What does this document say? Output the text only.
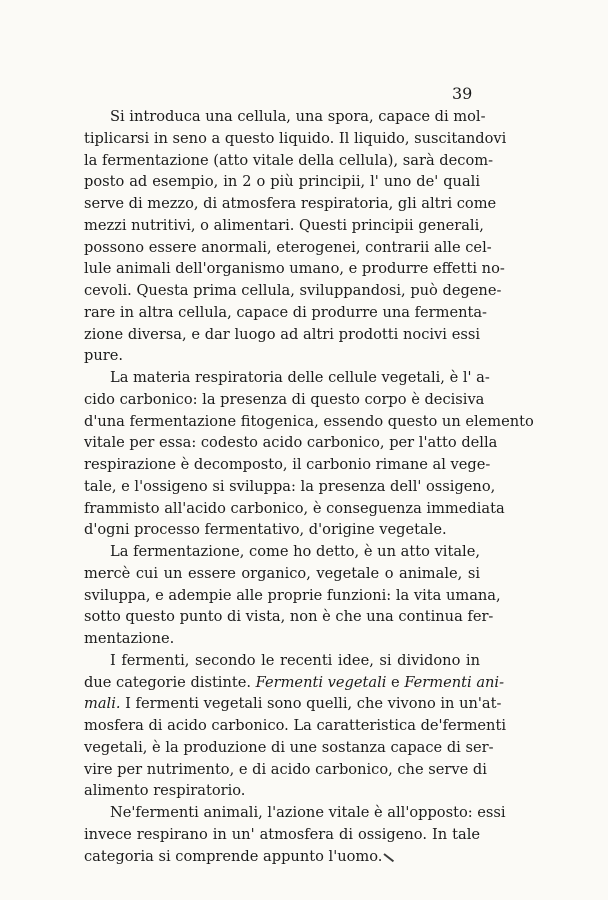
39
Si introduca una cellula, una spora, capace di mol-
tiplicarsi in seno a questo liquido. Il liquido, suscitandovi
la fermentazione (atto vitale della cellula), sarà decom-
posto ad esempio, in 2 o più principii, l' uno de' quali
serve di mezzo, di atmosfera respiratoria, gli altri come
mezzi nutritivi, o alimentari. Questi principii generali,
possono essere anormali, eterogenei, contrarii alle cel-
lule animali dell'organismo umano, e produrre effetti no-
cevoli. Questa prima cellula, sviluppandosi, può degene-
rare in altra cellula, capace di produrre una fermenta-
zione diversa, e dar luogo ad altri prodotti nocivi essi
pure.
La materia respiratoria delle cellule vegetali, è l' a-
cido carbonico: la presenza di questo corpo è decisiva
d'una fermentazione fitogenica, essendo questo un elemento
vitale per essa: codesto acido carbonico, per l'atto della
respirazione è decomposto, il carbonio rimane al vege-
tale, e l'ossigeno si sviluppa: la presenza dell' ossigeno,
frammisto all'acido carbonico, è conseguenza immediata
d'ogni processo fermentativo, d'origine vegetale.
La fermentazione, come ho detto, è un atto vitale,
mercè cui un essere organico, vegetale o animale, si
sviluppa, e adempie alle proprie funzioni: la vita umana,
sotto questo punto di vista, non è che una continua fer-
mentazione.
I fermenti, secondo le recenti idee, si dividono in
due categorie distinte. Fermenti vegetali e Fermenti ani-
mali. I fermenti vegetali sono quelli, che vivono in un'at-
mosfera di acido carbonico. La caratteristica de'fermenti
vegetali, è la produzione di une sostanza capace di ser-
vire per nutrimento, e di acido carbonico, che serve di
alimento respiratorio.
Ne'fermenti animali, l'azione vitale è all'opposto: essi
invece respirano in un' atmosfera di ossigeno. In tale
categoria si comprende appunto l'uomo.
